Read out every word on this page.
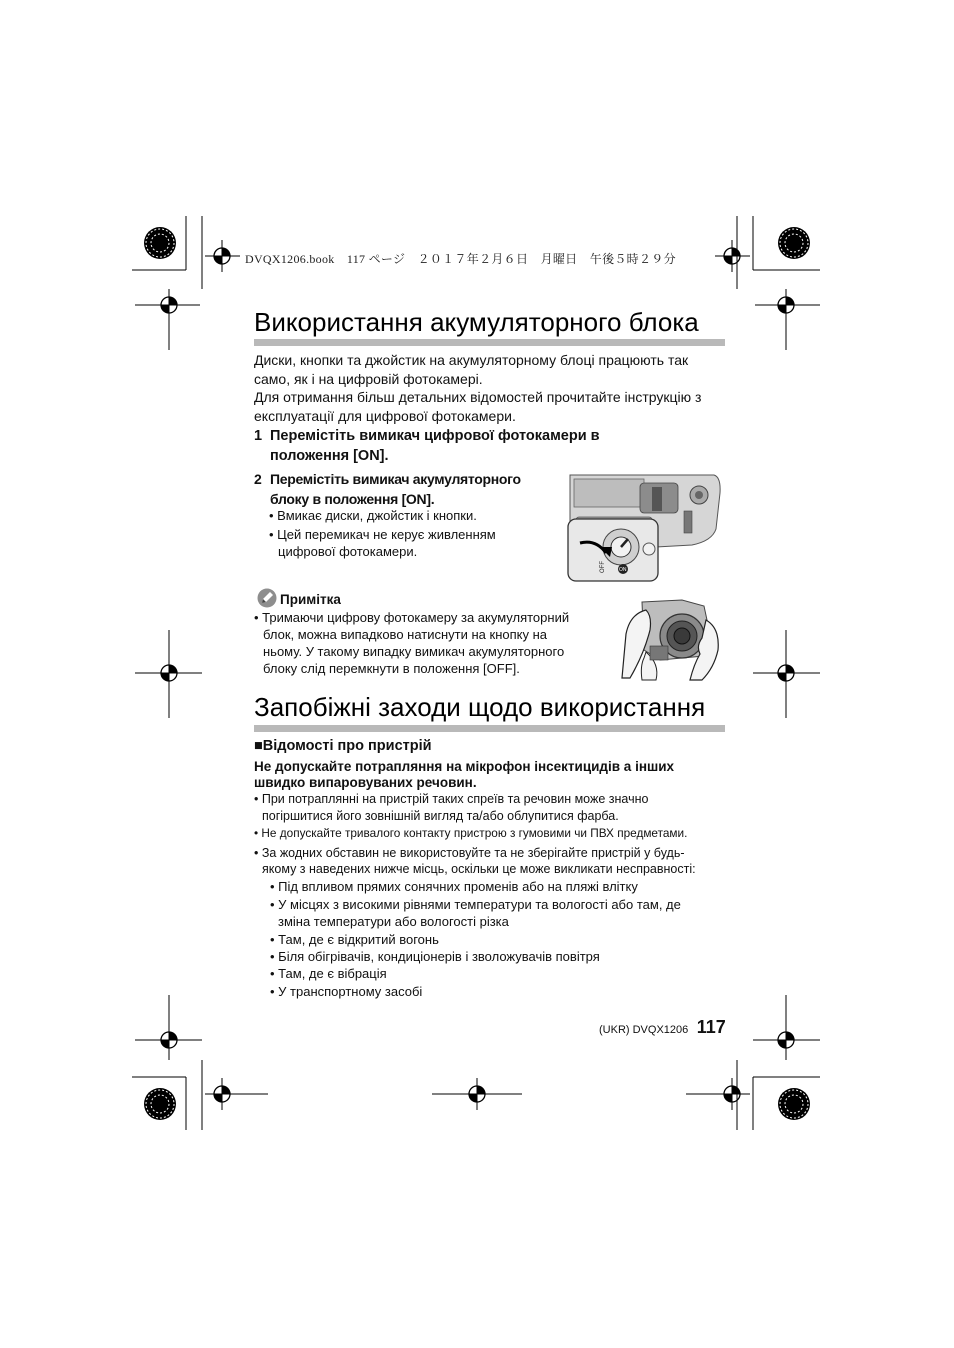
DVQX1206.book　117 ページ　２０１７年２月６日　月曜日　午後５時２９分
Використання акумуляторного блока
Диски, кнопки та джойстик на акумуляторному блоці працюють так
само, як і на цифровій фотокамері.
Для отримання більш детальних відомостей прочитайте інструкцію з
експлуатації для цифрової фотокамери.
1 Перемістіть вимикач цифрової фотокамери в
положення [ON].
2 Перемістіть вимикач акумуляторного
блоку в положення [ON].
• Вмикає диски, джойстик і кнопки.
• Цей перемикач не керує живленням
цифрової фотокамери.
OFF	ON
Примітка
• Тримаючи цифрову фотокамеру за акумуляторний
блок, можна випадково натиснути на кнопку на
ньому. У такому випадку вимикач акумуляторного
блоку слід перемкнути в положення [OFF].
Запобіжні заходи щодо використання
■Відомості про пристрій
Не допускайте потрапляння на мікрофон інсектицидів а інших
швидко випаровуваних речовин.
• При потраплянні на пристрій таких спреїв та речовин може значно
погіршитися його зовнішній вигляд та/або облупитися фарба.
• Не допускайте тривалого контакту пристрою з гумовими чи ПВХ предметами.
• За жодних обставин не використовуйте та не зберігайте пристрій у будь-
якому з наведених нижче місць, оскільки це може викликати несправності:
• Під впливом прямих сонячних променів або на пляжі влітку
• У місцях з високими рівнями температури та вологості або там, де
зміна температури або вологості різка
• Там, де є відкритий вогонь
• Біля обігрівачів, кондиціонерів і зволожувачів повітря
• Там, де є вібрація
• У транспортному засобі
(UKR) DVQX1206 117
